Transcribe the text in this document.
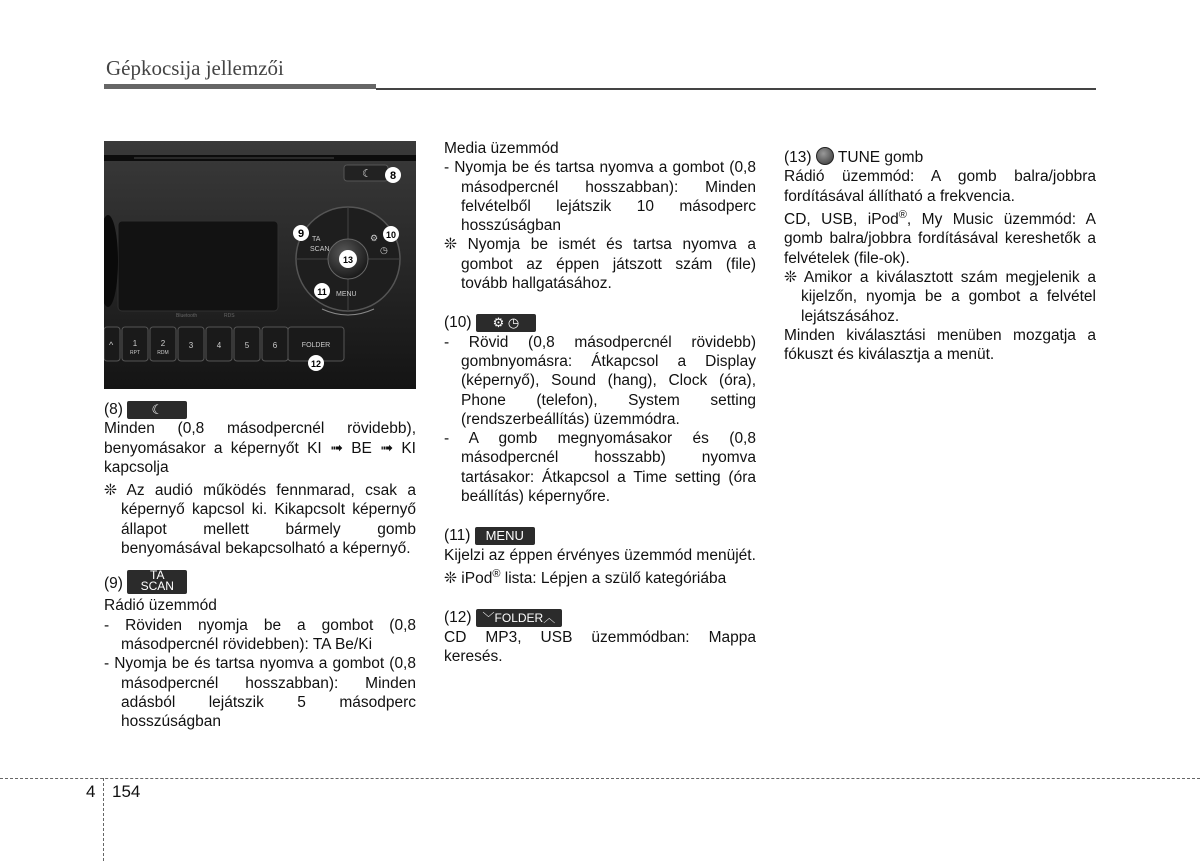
Gépkocsija jellemzői
☾
TA
SCAN
⚙
◷
MENU
Bluetooth	RDS
^ 1	2	3	4	5	6
RPT	RDM
FOLDER
8
9	10
11
12
13

(8) ☾

Minden (0,8 másodpercnél rövidebb), benyomásakor a képernyőt KI ➟ BE ➟ KI kapcsolja

❊ Az audió működés fennmarad, csak a képernyő kapcsol ki. Kikapcsolt képernyő állapot mellett bármely gomb benyomásával bekapcsolható a képernyő.

(9) TA
SCAN

Rádió üzemmód

- Röviden nyomja be a gombot (0,8 másodpercnél rövidebben): TA Be/Ki

- Nyomja be és tartsa nyomva a gombot (0,8 másodpercnél hosszabban): Minden adásból lejátszik 5 másodperc hosszúságban

Media üzemmód

- Nyomja be és tartsa nyomva a gombot (0,8 másodpercnél hosszabban): Minden felvételből lejátszik 10 másodperc hosszúságban

❊ Nyomja be ismét és tartsa nyomva a gombot az éppen játszott szám (file) tovább hallgatásához.

(10) ⚙ ◷

- Rövid (0,8 másodpercnél rövidebb) gombnyomásra: Átkapcsol a Display (képernyő), Sound (hang), Clock (óra), Phone (telefon), System setting (rendszerbeállítás) üzemmódra.

- A gomb megnyomásakor és (0,8 másodpercnél hosszabb) nyomva tartásakor: Átkapcsol a Time setting (óra beállítás) képernyőre.

(11) MENU

Kijelzi az éppen érvényes üzemmód menüjét.

❊ iPod® lista: Lépjen a szülő kategóriába

(12) ﹀FOLDER︿

CD MP3, USB üzemmódban: Mappa keresés.

(13) TUNE gomb

Rádió üzemmód: A gomb balra/jobbra fordításával állítható a frekvencia.

CD, USB, iPod®, My Music üzemmód: A gomb balra/jobbra fordításával kereshetők a felvételek (file-ok).

❊ Amikor a kiválasztott szám megjelenik a kijelzőn, nyomja be a gombot a felvétel lejátszásához.

Minden kiválasztási menüben mozgatja a fókuszt és kiválasztja a menüt.

4 154
